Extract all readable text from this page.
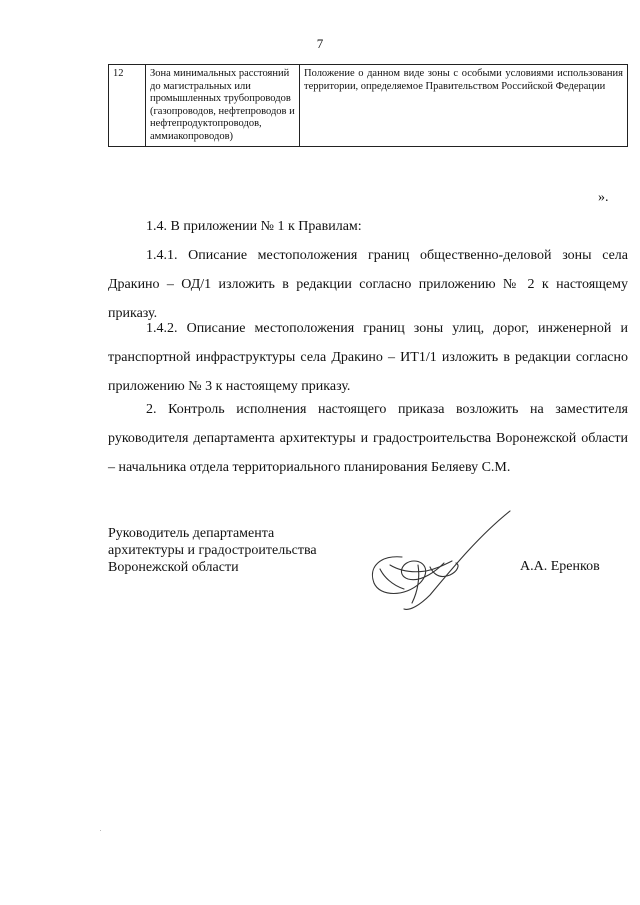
7
12	Зона минимальных расстояний до магистральных или промышленных трубопроводов (газопроводов, нефтепроводов и нефтепродуктопроводов, аммиакопроводов)	Положение о данном виде зоны с особыми условиями использования территории, определяемое Правительством Российской Федерации
».
1.4. В приложении № 1 к Правилам:
1.4.1. Описание местоположения границ общественно-деловой зоны села Дракино – ОД/1 изложить в редакции согласно приложению № 2 к настоящему приказу.
1.4.2. Описание местоположения границ зоны улиц, дорог, инженерной и транспортной инфраструктуры села Дракино – ИТ1/1 изложить в редакции согласно приложению № 3 к настоящему приказу.
2. Контроль исполнения настоящего приказа возложить на заместителя руководителя департамента архитектуры и градостроительства Воронежской области – начальника отдела территориального планирования Беляеву С.М.
Руководитель департамента
архитектуры и градостроительства
Воронежской области	А.А. Еренков
